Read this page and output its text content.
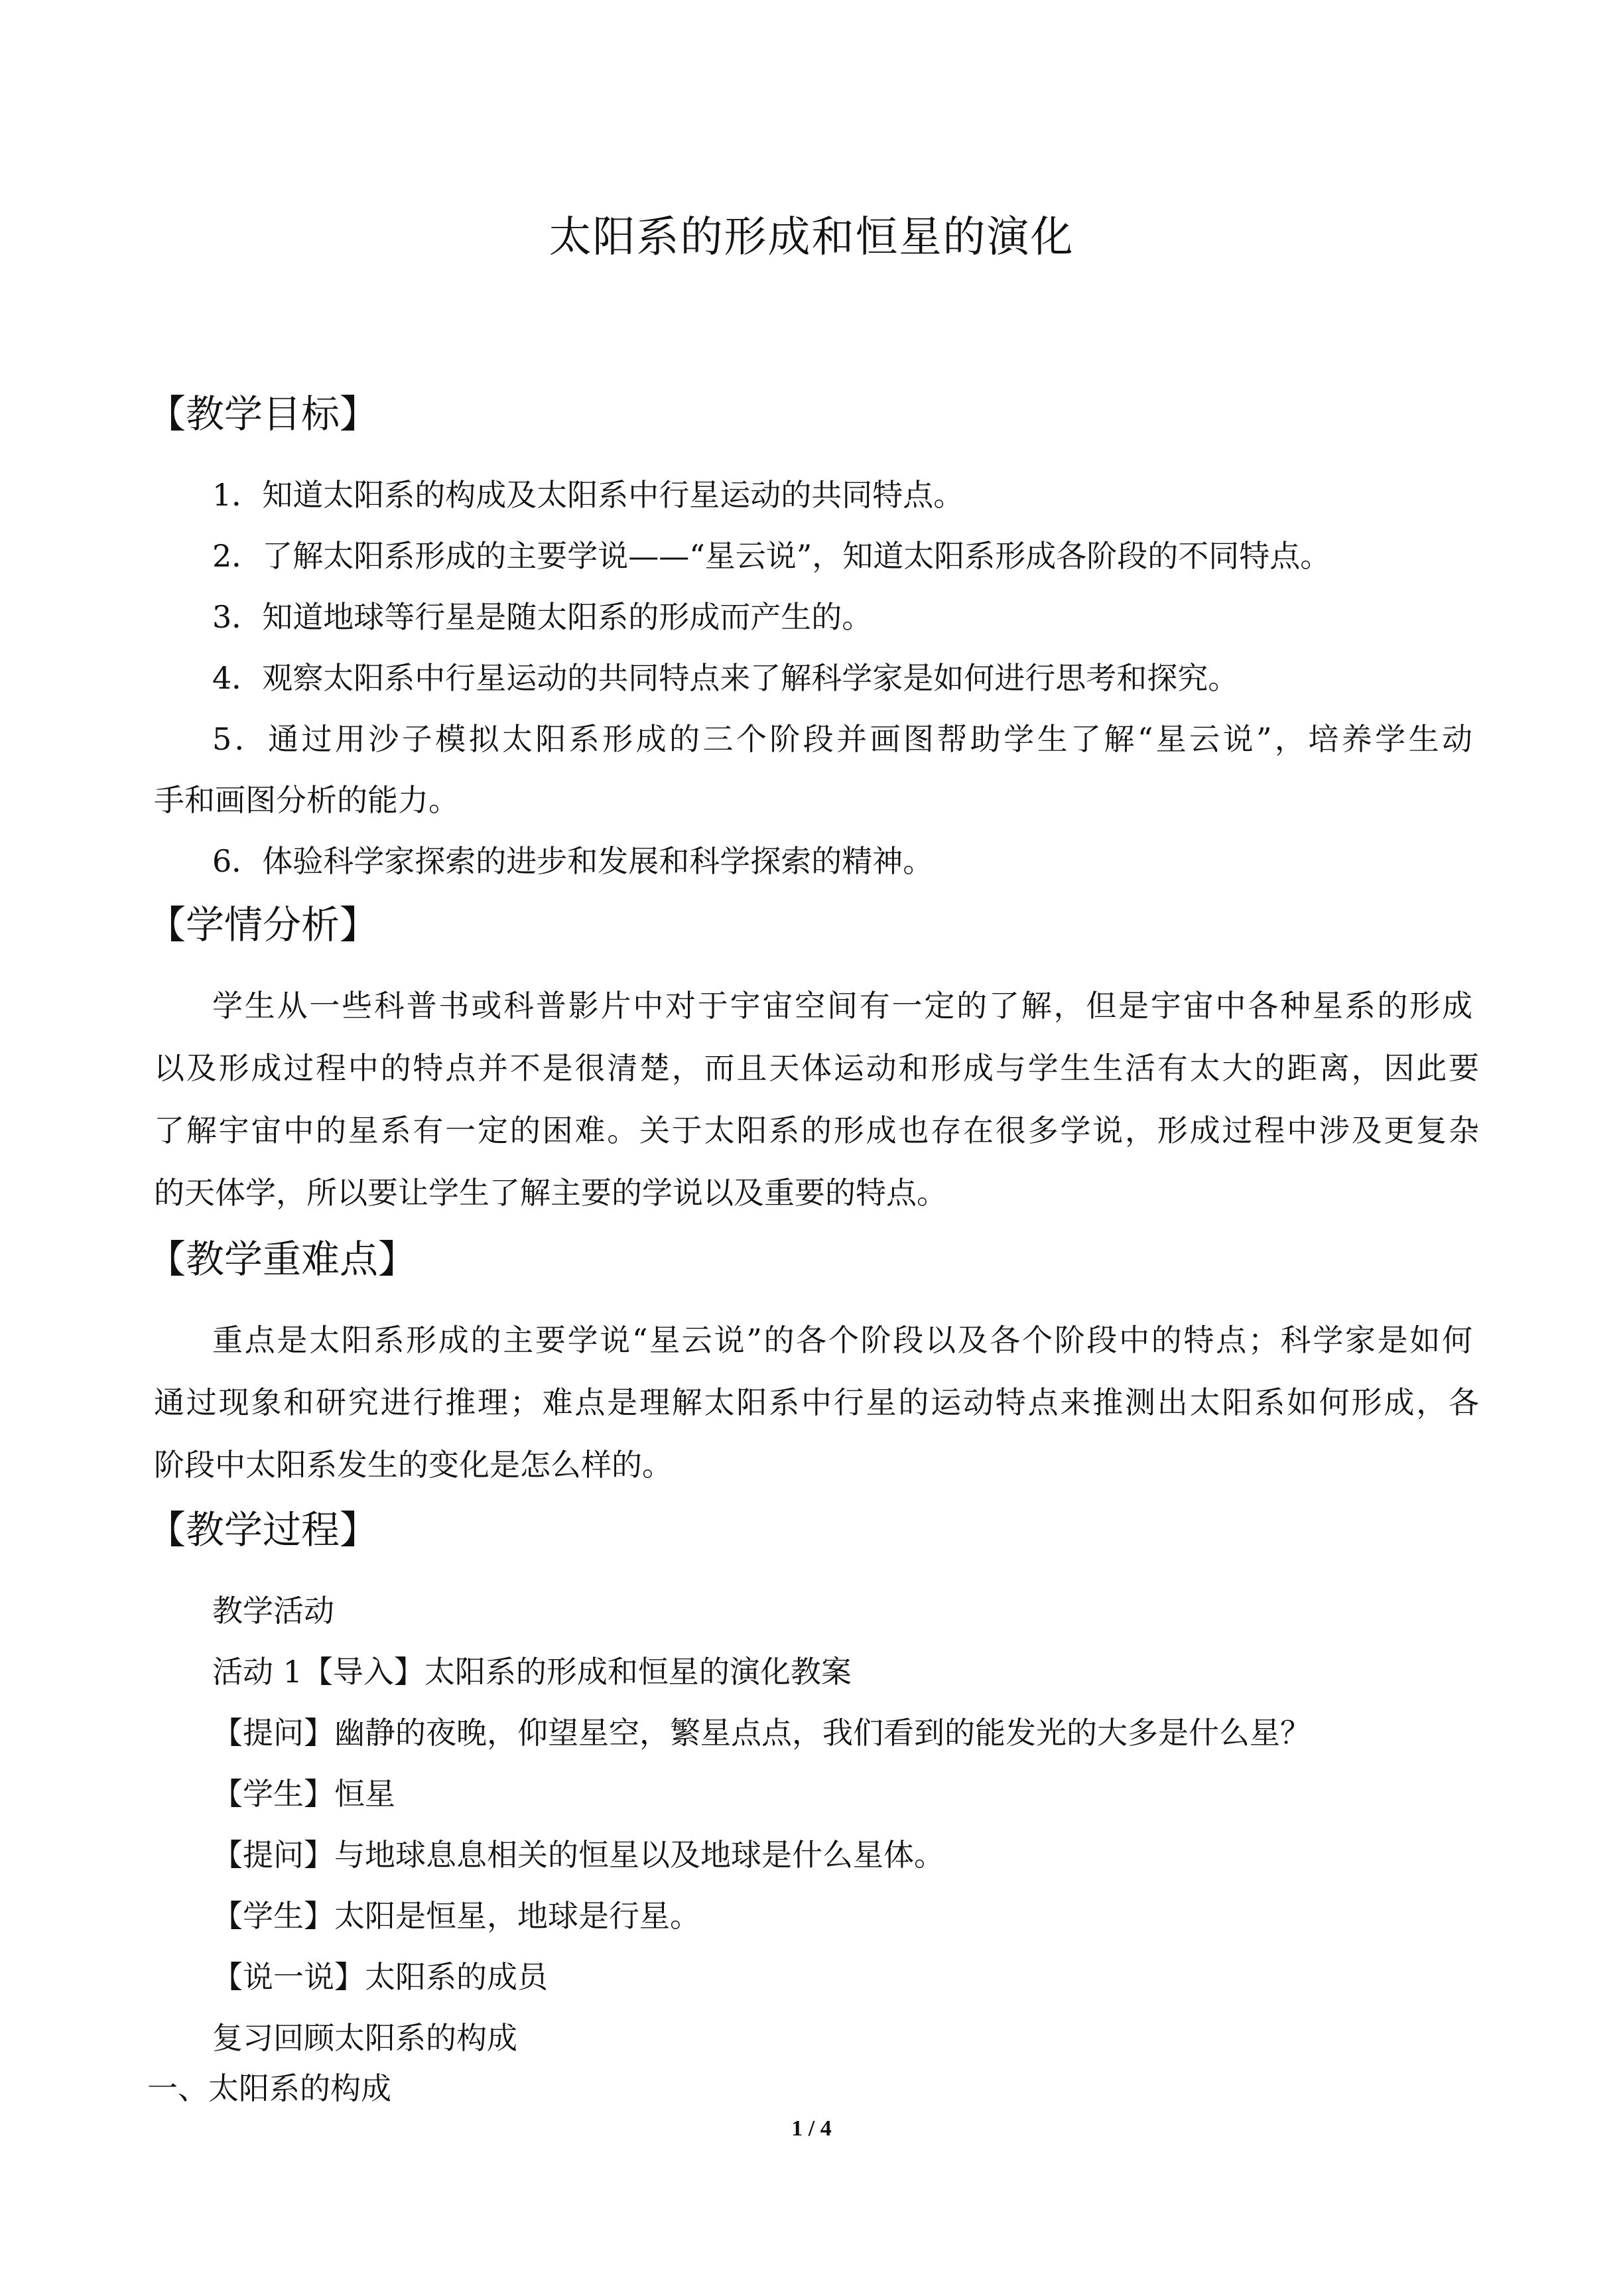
太阳系的形成和恒星的演化
【教学目标】
1．知道太阳系的构成及太阳系中行星运动的共同特点。
2．了解太阳系形成的主要学说——“星云说”，知道太阳系形成各阶段的不同特点。
3．知道地球等行星是随太阳系的形成而产生的。
4．观察太阳系中行星运动的共同特点来了解科学家是如何进行思考和探究。
5．通过用沙子模拟太阳系形成的三个阶段并画图帮助学生了解“星云说”，培养学生动
手和画图分析的能力。
6．体验科学家探索的进步和发展和科学探索的精神。
【学情分析】
学生从一些科普书或科普影片中对于宇宙空间有一定的了解，但是宇宙中各种星系的形成
以及形成过程中的特点并不是很清楚，而且天体运动和形成与学生生活有太大的距离，因此要
了解宇宙中的星系有一定的困难。关于太阳系的形成也存在很多学说，形成过程中涉及更复杂
的天体学，所以要让学生了解主要的学说以及重要的特点。
【教学重难点】
重点是太阳系形成的主要学说“星云说”的各个阶段以及各个阶段中的特点；科学家是如何
通过现象和研究进行推理；难点是理解太阳系中行星的运动特点来推测出太阳系如何形成，各
阶段中太阳系发生的变化是怎么样的。
【教学过程】
教学活动
活动 1【导入】太阳系的形成和恒星的演化教案
【提问】幽静的夜晚，仰望星空，繁星点点，我们看到的能发光的大多是什么星？
【学生】恒星
【提问】与地球息息相关的恒星以及地球是什么星体。
【学生】太阳是恒星，地球是行星。
【说一说】太阳系的成员
复习回顾太阳系的构成
一、太阳系的构成
1 / 4
